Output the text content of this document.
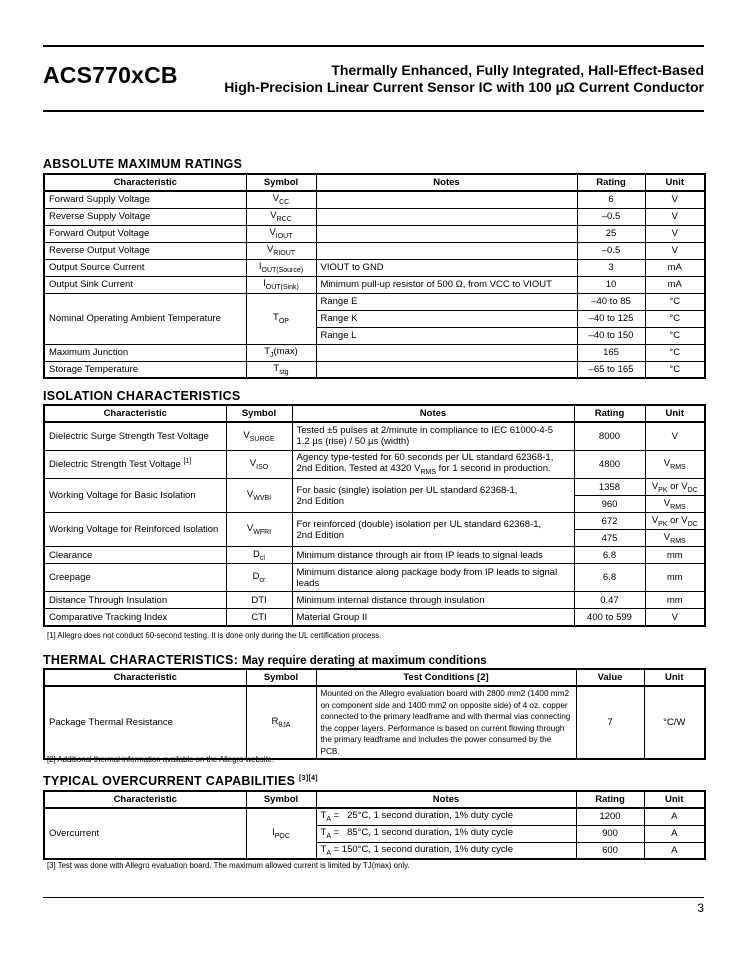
ACS770xCB	Thermally Enhanced, Fully Integrated, Hall-Effect-Based
High-Precision Linear Current Sensor IC with 100 µΩ Current Conductor
ABSOLUTE MAXIMUM RATINGS
Characteristic	Symbol	Notes	Rating	Unit
Forward Supply Voltage	$V_{CC}$		6	V
Reverse Supply Voltage	$V_{RCC}$		–0.5	V
Forward Output Voltage	$V_{IOUT}$		25	V
Reverse Output Voltage	$V_{RIOUT}$		–0.5	V
Output Source Current	$I_{OUT(Source)}$	VIOUT to GND	3	mA
Output Sink Current	$I_{OUT(Sink)}$	Minimum pull-up resistor of 500 Ω, from VCC to VIOUT	10	mA
Nominal Operating Ambient Temperature	$T_{OP}$	Range E	–40 to 85	°C
		Range K	–40 to 125	°C
		Range L	–40 to 150	°C
Maximum Junction	$T_J(\max)$		165	°C
Storage Temperature	$T_{stg}$		–65 to 165	°C
ISOLATION CHARACTERISTICS
Characteristic	Symbol	Notes	Rating	Unit
Dielectric Surge Strength Test Voltage	$V_{SURGE}$	Tested ±5 pulses at 2/minute in compliance to IEC 61000-4-5
1.2 µs (rise) / 50 µs (width)	8000	V
Dielectric Strength Test Voltage [1]	$V_{ISO}$	Agency type-tested for 60 seconds per UL standard 62368-1,
2nd Edition. Tested at 4320 $V_{RMS}$ for 1 second in production.	4800	$V_{RMS}$
Working Voltage for Basic Isolation	$V_{WVBI}$	For basic (single) isolation per UL standard 62368-1,
2nd Edition	1358	$V_{PK}$ or $V_{DC}$
			960	$V_{RMS}$
Working Voltage for Reinforced Isolation	$V_{WFRI}$	For reinforced (double) isolation per UL standard 62368-1,
2nd Edition	672	$V_{PK}$ or $V_{DC}$
			475	$V_{RMS}$
Clearance	$D_{cl}$	Minimum distance through air from IP leads to signal leads	6.8	mm
Creepage	$D_{cr}$	Minimum distance along package body from IP leads to signal
leads	6.8	mm
Distance Through Insulation	DTI	Minimum internal distance through insulation	0.47	mm
Comparative Tracking Index	CTI	Material Group II	400 to 599	V
[1] Allegro does not conduct 60-second testing. It is done only during the UL certification process.
THERMAL CHARACTERISTICS: May require derating at maximum conditions
Characteristic	Symbol	Test Conditions [2]	Value	Unit
Package Thermal Resistance	$R_{\theta JA}$	Mounted on the Allegro evaluation board with 2800 mm2 (1400 mm2
on component side and 1400 mm2 on opposite side) of 4 oz. copper
connected to the primary leadframe and with thermal vias connecting
the copper layers. Performance is based on current flowing through
the primary leadframe and includes the power consumed by the PCB.	7	°C/W
[2] Additional thermal information available on the Allegro website.
TYPICAL OVERCURRENT CAPABILITIES [3][4]
Characteristic	Symbol	Notes	Rating	Unit
Overcurrent	$I_{POC}$	$T_A = 25^\circ C$, 1 second duration, 1% duty cycle	1200	A
		$T_A = 85^\circ C$, 1 second duration, 1% duty cycle	900	A
		$T_A = 150^\circ C$, 1 second duration, 1% duty cycle	600	A
[3] Test was done with Allegro evaluation board. The maximum allowed current is limited by TJ(max) only.
3
